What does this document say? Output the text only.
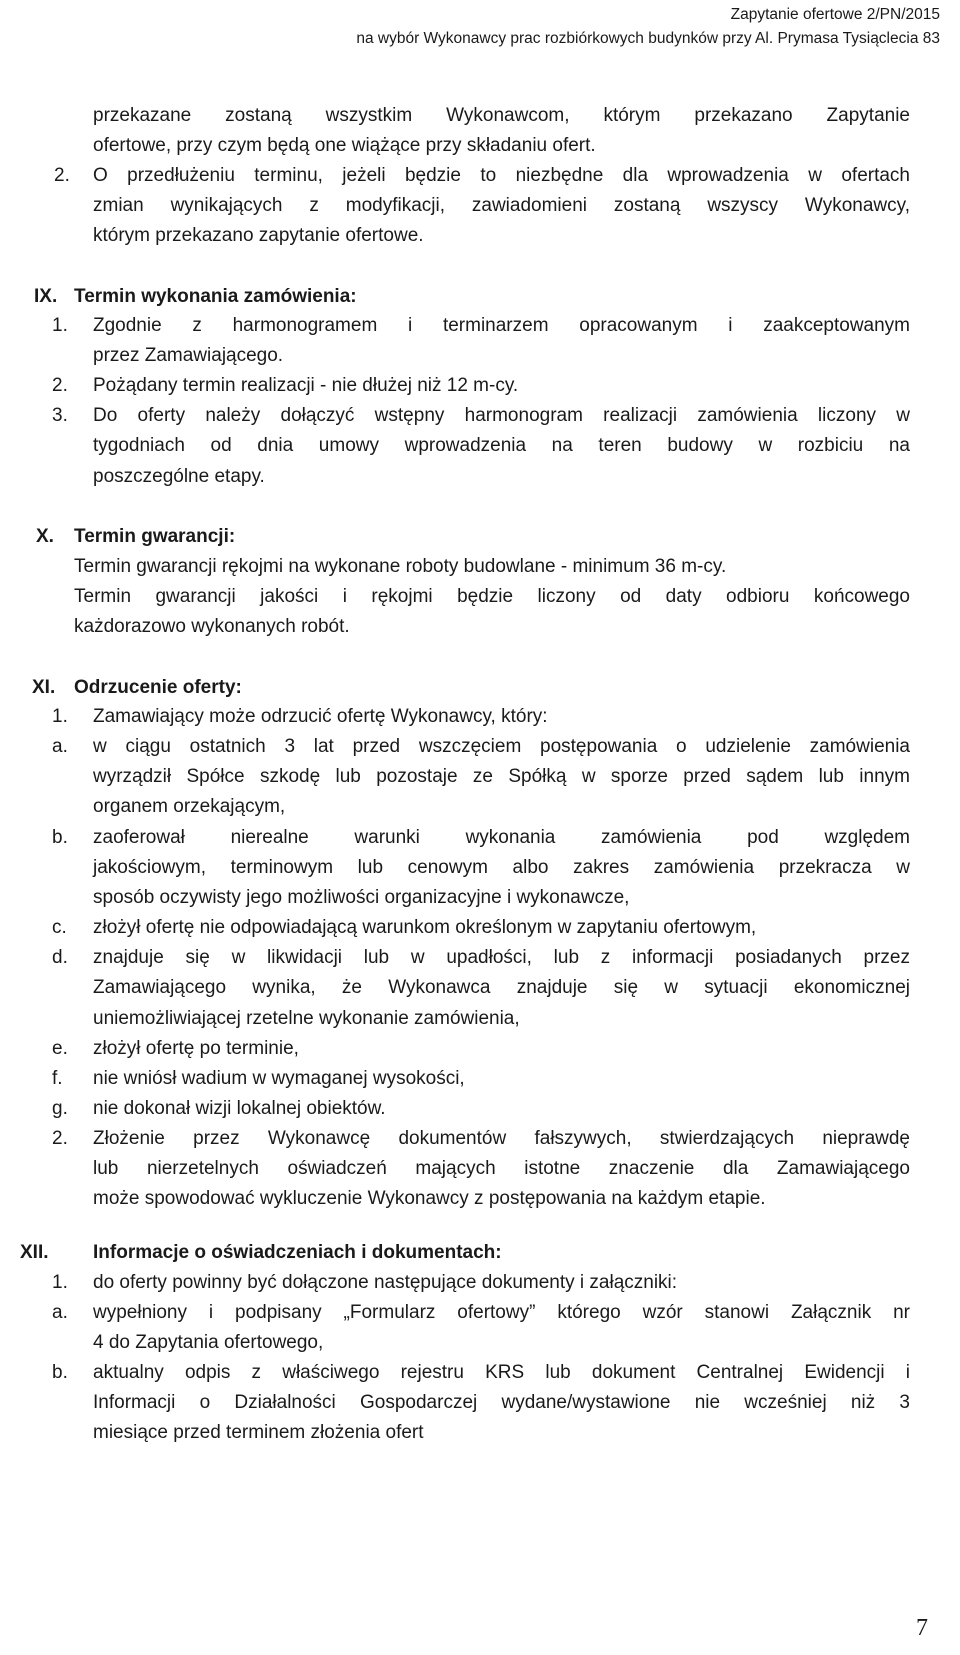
Zapytanie ofertowe 2/PN/2015
na wybór Wykonawcy prac rozbiórkowych budynków przy Al. Prymasa Tysiąclecia 83
przekazane zostaną wszystkim Wykonawcom, którym przekazano Zapytanie
ofertowe, przy czym będą one wiążące przy składaniu ofert.
2. O przedłużeniu terminu, jeżeli będzie to niezbędne dla wprowadzenia w ofertach
zmian wynikających z modyfikacji, zawiadomieni zostaną wszyscy Wykonawcy,
którym przekazano zapytanie ofertowe.
IX. Termin wykonania zamówienia:
1. Zgodnie z harmonogramem i terminarzem opracowanym i zaakceptowanym
przez Zamawiającego.
2. Pożądany termin realizacji - nie dłużej niż 12 m-cy.
3. Do oferty należy dołączyć wstępny harmonogram realizacji zamówienia liczony w
tygodniach od dnia umowy wprowadzenia na teren budowy w rozbiciu na
poszczególne etapy.
X. Termin gwarancji:
Termin gwarancji rękojmi na wykonane roboty budowlane - minimum 36 m-cy.
Termin gwarancji jakości i rękojmi będzie liczony od daty odbioru końcowego
każdorazowo wykonanych robót.
XI. Odrzucenie oferty:
1. Zamawiający może odrzucić ofertę Wykonawcy, który:
a. w ciągu ostatnich 3 lat przed wszczęciem postępowania o udzielenie zamówienia
wyrządził Spółce szkodę lub pozostaje ze Spółką w sporze przed sądem lub innym
organem orzekającym,
b. zaoferował nierealne warunki wykonania zamówienia pod względem
jakościowym, terminowym lub cenowym albo zakres zamówienia przekracza w
sposób oczywisty jego możliwości organizacyjne i wykonawcze,
c. złożył ofertę nie odpowiadającą warunkom określonym w zapytaniu ofertowym,
d. znajduje się w likwidacji lub w upadłości, lub z informacji posiadanych przez
Zamawiającego wynika, że Wykonawca znajduje się w sytuacji ekonomicznej
uniemożliwiającej rzetelne wykonanie zamówienia,
e. złożył ofertę po terminie,
f. nie wniósł wadium w wymaganej wysokości,
g. nie dokonał wizji lokalnej obiektów.
2. Złożenie przez Wykonawcę dokumentów fałszywych, stwierdzających nieprawdę
lub nierzetelnych oświadczeń mających istotne znaczenie dla Zamawiającego
może spowodować wykluczenie Wykonawcy z postępowania na każdym etapie.
XII. Informacje o oświadczeniach i dokumentach:
1. do oferty powinny być dołączone następujące dokumenty i załączniki:
a. wypełniony i podpisany „Formularz ofertowy” którego wzór stanowi Załącznik nr
4 do Zapytania ofertowego,
b. aktualny odpis z właściwego rejestru KRS lub dokument Centralnej Ewidencji i
Informacji o Działalności Gospodarczej wydane/wystawione nie wcześniej niż 3
miesiące przed terminem złożenia ofert
7
